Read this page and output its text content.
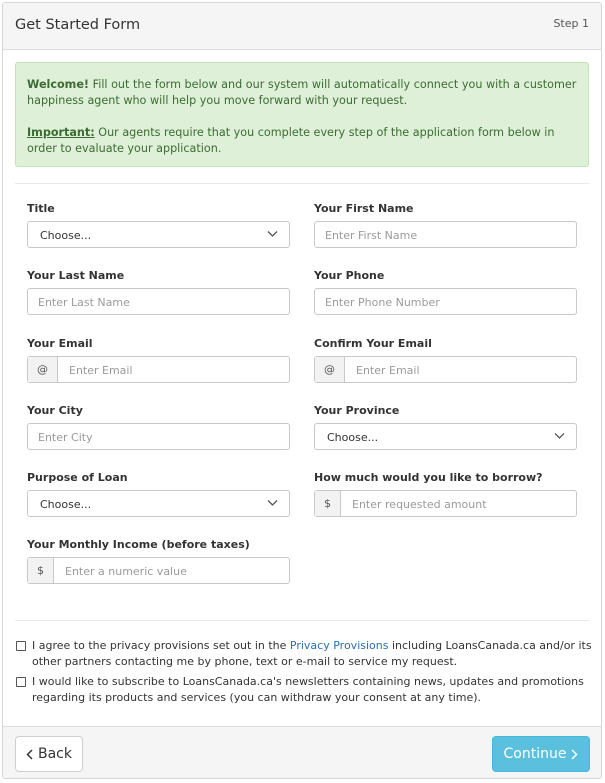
Get Started Form	Step 1

Welcome! Fill out the form below and our system will automatically connect you with a customer happiness agent who will help you move forward with your request.

Important: Our agents require that you complete every step of the application form below in order to evaluate your application.

Title
Choose...
Your First Name
Enter First Name
Your Last Name
Enter Last Name
Your Phone
Enter Phone Number
Your Email
@	Enter Email
Confirm Your Email
@	Enter Email
Your City
Enter City
Your Province
Choose...
Purpose of Loan
Choose...
How much would you like to borrow?
$	Enter requested amount
Your Monthly Income (before taxes)
$	Enter a numeric value
I agree to the privacy provisions set out in the Privacy Provisions including LoansCanada.ca and/or its other partners contacting me by phone, text or e-mail to service my request.
I would like to subscribe to LoansCanada.ca's newsletters containing news, updates and promotions regarding its products and services (you can withdraw your consent at any time).
Back	Continue
